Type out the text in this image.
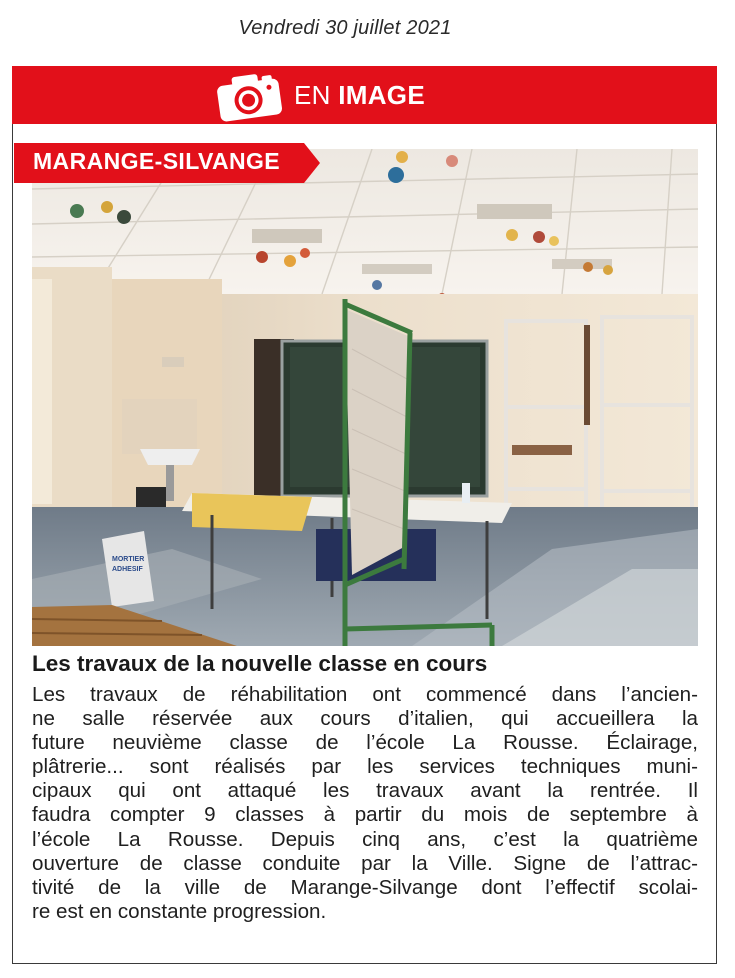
Vendredi 30 juillet 2021
EN IMAGE
MORTIER
ADHESIF
MARANGE-SILVANGE
Les travaux de la nouvelle classe en cours
Les travaux de réhabilitation ont commencé dans l’ancien-
ne salle réservée aux cours d’italien, qui accueillera la
future neuvième classe de l’école La Rousse. Éclairage,
plâtrerie... sont réalisés par les services techniques muni-
cipaux qui ont attaqué les travaux avant la rentrée. Il
faudra compter 9 classes à partir du mois de septembre à
l’école La Rousse. Depuis cinq ans, c’est la quatrième
ouverture de classe conduite par la Ville. Signe de l’attrac-
tivité de la ville de Marange-Silvange dont l’effectif scolai-
re est en constante progression.
